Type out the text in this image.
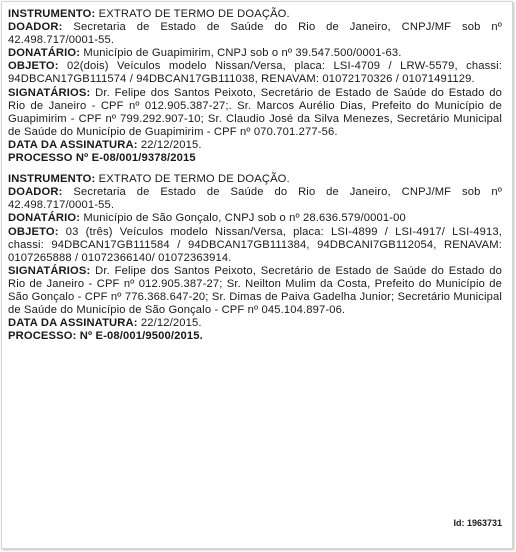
INSTRUMENTO: EXTRATO DE TERMO DE DOAÇÃO.

DOADOR: Secretaria de Estado de Saúde do Rio de Janeiro, CNPJ/MF sob nº 42.498.717/0001-55.

DONATÁRIO: Município de Guapimirim, CNPJ sob o nº 39.547.500/0001-63.

OBJETO: 02(dois) Veículos modelo Nissan/Versa, placa: LSI-4709 / LRW-5579, chassi: 94DBCAN17GB111574 / 94DBCAN17GB111038, RENAVAM: 01072170326 / 01071491129.

SIGNATÁRIOS: Dr. Felipe dos Santos Peixoto, Secretário de Estado de Saúde do Estado do Rio de Janeiro - CPF nº 012.905.387-27;. Sr. Marcos Aurélio Dias, Prefeito do Município de Guapimirim - CPF nº 799.292.907-10; Sr. Claudio José da Silva Menezes, Secretário Municipal de Saúde do Município de Guapimirim - CPF nº 070.701.277-56.

DATA DA ASSINATURA: 22/12/2015.

PROCESSO Nº E-08/001/9378/2015

INSTRUMENTO: EXTRATO DE TERMO DE DOAÇÃO.

DOADOR: Secretaria de Estado de Saúde do Rio de Janeiro, CNPJ/MF sob nº 42.498.717/0001-55.

DONATÁRIO: Município de São Gonçalo, CNPJ sob o nº 28.636.579/0001-00

OBJETO: 03 (três) Veículos modelo Nissan/Versa, placa: LSI-4899 / LSI-4917/ LSI-4913, chassi: 94DBCAN17GB111584 / 94DBCAN17GB111384, 94DBCANI7GB112054, RENAVAM: 0107265888 / 01072366140/ 01072363914.

SIGNATÁRIOS: Dr. Felipe dos Santos Peixoto, Secretário de Estado de Saúde do Estado do Rio de Janeiro - CPF nº 012.905.387-27; Sr. Neilton Mulim da Costa, Prefeito do Município de São Gonçalo - CPF nº 776.368.647-20; Sr. Dimas de Paiva Gadelha Junior; Secretário Municipal de Saúde do Município de São Gonçalo - CPF nº 045.104.897-06.

DATA DA ASSINATURA: 22/12/2015.

PROCESSO: Nº E-08/001/9500/2015.

Id: 1963731
